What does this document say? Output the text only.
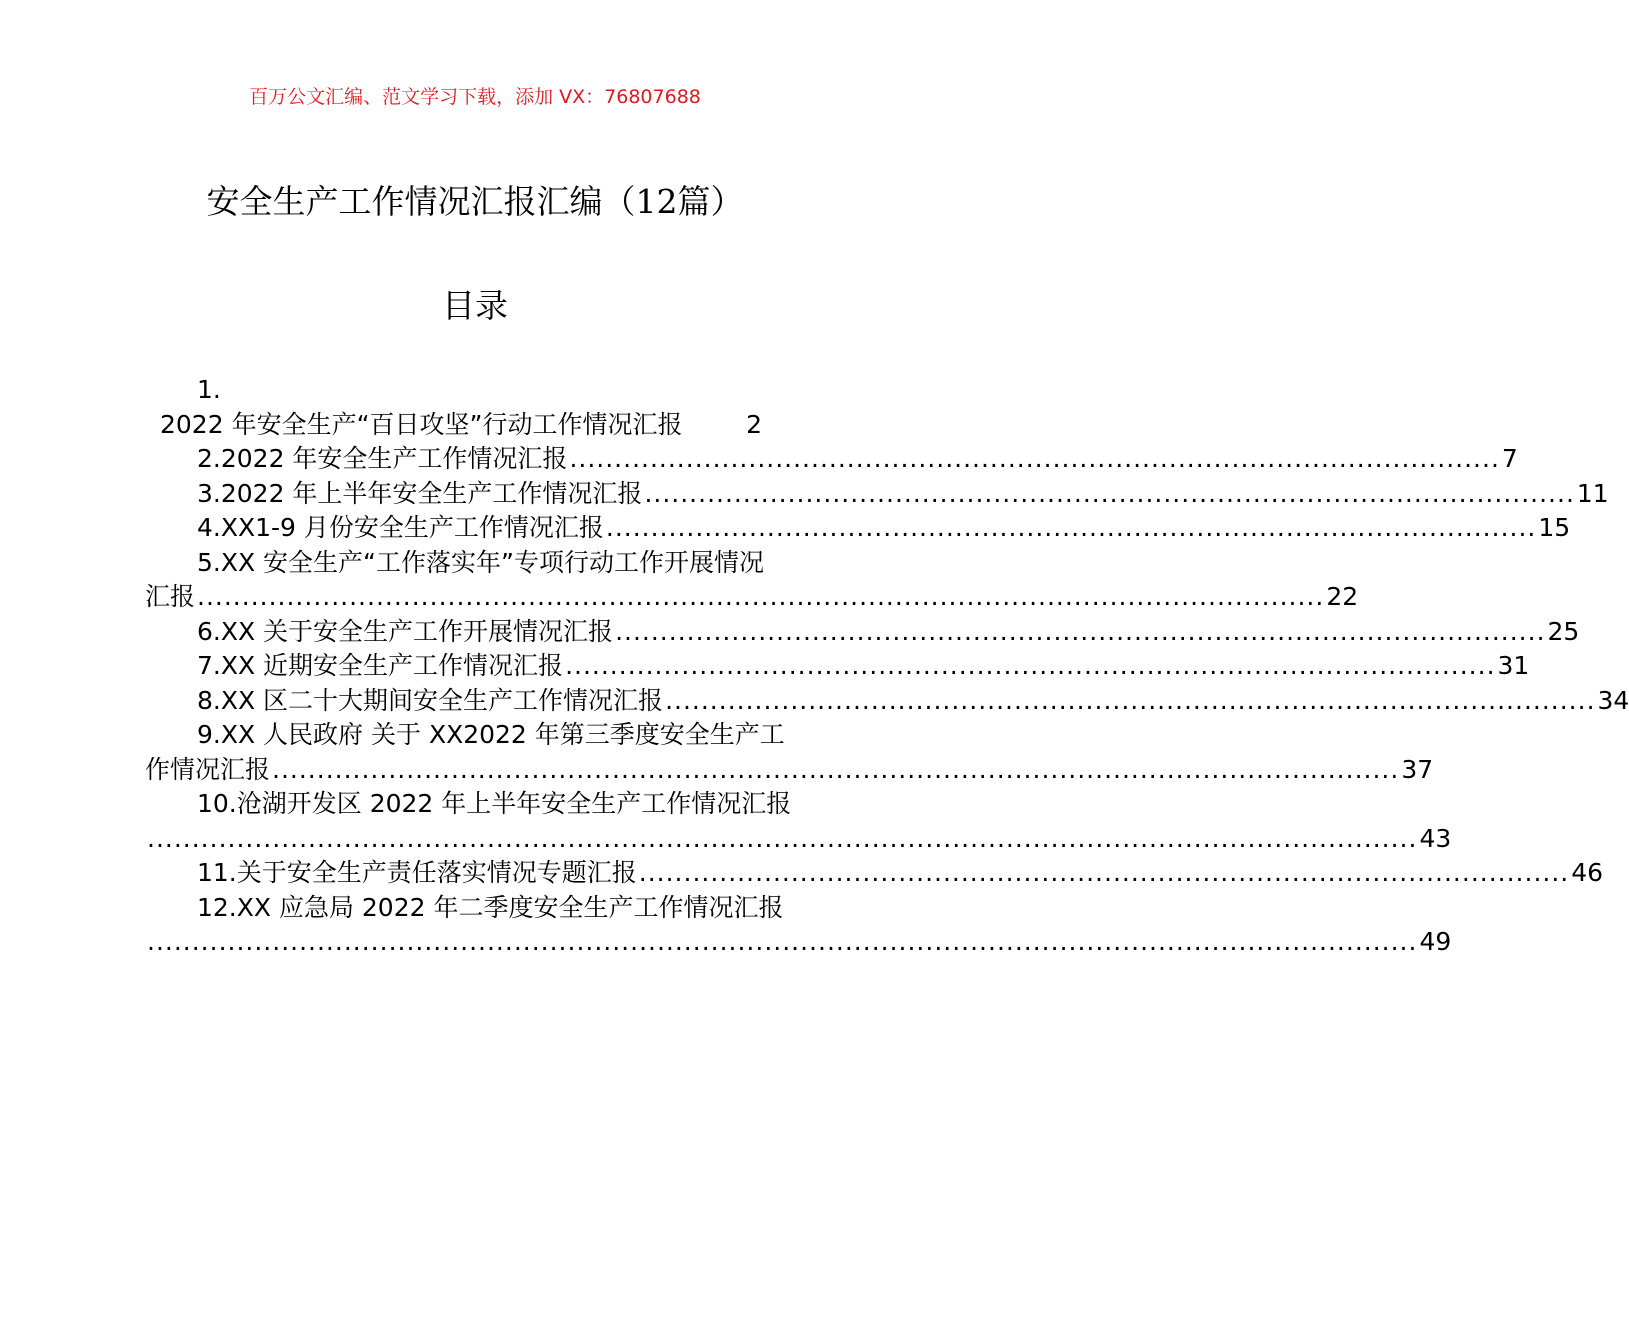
百万公文汇编、范文学习下载，添加 VX：76807688
安全生产工作情况汇报汇编（12篇）
目录
1.
2022 年安全生产“百日攻坚”行动工作情况汇报	2
2.2022 年安全生产工作情况汇报 ........................................................................................................ 7
3.2022 年上半年安全生产工作情况汇报 ........................................................................................................ 11
4.XX1-9 月份安全生产工作情况汇报 ........................................................................................................ 15
5.XX 安全生产“工作落实年”专项行动工作开展情况
汇报 .............................................................................................................................. 22
6.XX 关于安全生产工作开展情况汇报 ........................................................................................................ 25
7.XX 近期安全生产工作情况汇报 ........................................................................................................ 31
8.XX 区二十大期间安全生产工作情况汇报 ........................................................................................................ 34
9.XX 人民政府 关于 XX2022 年第三季度安全生产工
作情况汇报 .............................................................................................................................. 37
10.沧湖开发区 2022 年上半年安全生产工作情况汇报
.............................................................................................................................................. 43
11.关于安全生产责任落实情况专题汇报 ........................................................................................................ 46
12.XX 应急局 2022 年二季度安全生产工作情况汇报
.............................................................................................................................................. 49
